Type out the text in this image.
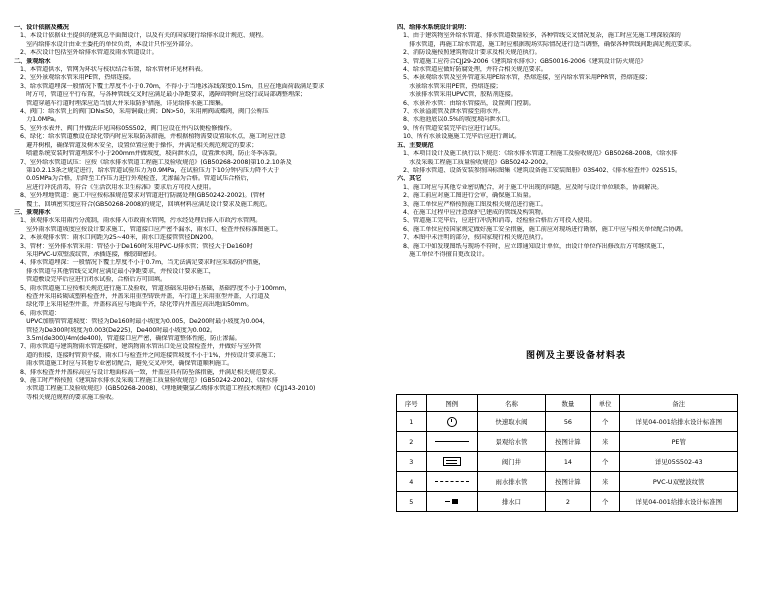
一、设计依据及概况
1、本设计依据业主提供的建筑总平面图设计，以及有关的国家现行给排水设计规范、规程。
　室内给排水设计由业主委托的单位负责，本设计只作室外部分。
2、本次设计包括室外给排水管道及雨水管道设计。
二、景观给水
1、本管道供水，管网为环状与枝状结合布置，给水管材详见材料表。
2、室外景观给水管采用PE管，热熔连接。
3、给水管道埋深一般情况下覆土厚度不小于0.70m，不得小于当地冰冻线深度0.15m，且应在地面荷载满足要求
　时方可，管道应平行布置，与各种管线交叉时应满足最小净距要求，遇障碍物时应绕行或局部调整埋深；
　管道穿越车行道时埋深应适当加大并采取防护措施，详见给排水施工图集。
4、阀门：给水管上的阀门DN≤50，采用铜截止阀；DN>50，采用闸阀或蝶阀，阀门公称压
　力1.0MPa。
5、室外水表井、阀门井做法详见国标05S502，阀门应设在井内以便检修操作。
6、绿化：给水管道敷设在绿化带内时应采取防冻措施，并根据植物需要设置取水点，施工时应注意
　避开树根，确保管道及树木安全，设置位置应便于操作，并满足相关规范规定的要求；
　喷灌系统安装时管道埋深不小于200mm并做坡度，坡向泄水点，设置泄水阀，防止冬季冻裂。
7、室外给水管道试压：应按《给水排水管道工程施工及验收规范》(GB50268-2008)第10.2.10条及
　第10.2.13条之规定进行，给水管道试验压力为0.9MPa，在试验压力下10分钟内压力降不大于
　0.05MPa为合格，后降至工作压力进行外观检查，无渗漏为合格。管道试压合格后，
　应进行冲洗消毒，符合《生活饮用水卫生标准》要求后方可投入使用。
8、室外埋地管道：施工中应按标准规范要求对管道进行防腐处理(GB50242-2002)。(管材
　覆土、回填密实度应符合(GB50268-2008)的规定，回填材料应满足设计要求及施工规范。
三、景观排水
1、景观排水采用雨污分流制，雨水排入市政雨水管网，污水经处理后排入市政污水管网。
　室外雨水管道坡度应按设计要求施工，管道接口应严密不漏水，雨水口、检查井按标准图施工。
2、本景观排水管：雨水口间距为25~40米，雨水口连接管管径DN200。
3、管材：室外排水管采用：管径小于De160时采用PVC-U排水管；管径大于De160时
　采用PVC-U双壁波纹管，承插连接，橡胶圈密封。
4、排水管道埋深：一般情况下覆土厚度不小于0.7m，当无法满足要求时应采取防护措施，
　排水管道与其他管线交叉时应满足最小净距要求，并按设计要求施工，
　管道敷设完毕后应进行闭水试验，合格后方可回填。
5、雨水管道施工应按相关规范进行施工及验收，管道基础采用砂石基础，基础厚度不小于100mm，
　检查井采用砖砌或塑料检查井，井盖采用重型铸铁井盖，车行道上采用重型井盖，人行道及
　绿化带上采用轻型井盖，井盖标高应与地面平齐，绿化带内井盖应高出地面50mm。
6、雨水管道：
　UPVC加筋管管道坡度：管径为De160时最小坡度为0.005，De200时最小坡度为0.004，
　管径为De300时坡度为0.003(De225)，De400时最小坡度为0.002。
　3.5m(de300)/4m(de400)，管道接口应严密，确保管道整体性能，防止渗漏。
7、雨水管道与建筑物雨水管连接时，建筑物雨水管出口处应设置检查井，并做好与室外管
　道的衔接，连接时管顶平接，雨水口与检查井之间连接管坡度不小于1%，并按设计要求施工；
　雨水管道施工时应与其他专业密切配合，避免交叉冲突，确保管道顺利施工。
8、排水检查井井盖标高应与设计地面标高一致，井盖应具有防坠落措施，并满足相关规范要求。
9、施工时严格按照《建筑给水排水及采暖工程施工质量验收规范》(GB50242-2002)、《给水排
　水管道工程施工及验收规范》(GB50268-2008)、《埋地硬聚氯乙烯排水管道工程技术规程》(CJJ143-2010)
　等相关规范规程的要求施工验收。
四、给排水系统设计说明：
1、由于建筑物室外给水管道、排水管道数量较多，各种管线交叉情况复杂，施工时应先施工埋深较深的
　排水管道，再施工给水管道，施工时应根据现场实际情况进行适当调整，确保各种管线间距满足规范要求。
2、消防设施按照建筑物设计要求及相关规范执行。
3、管道施工应符合CJJ29-2006《建筑给水排水》；GB50016-2006《建筑设计防火规范》
4、给水管道应做好防腐处理，并符合相关规范要求。
5、本景观给水管及室外管道采用PE给水管，热熔连接，室内给水管采用PPR管，热熔连接；
　水景给水管采用PE管，热熔连接；
　水景排水管采用UPVC管，胶粘剂连接。
6、水景补水管：由给水管接出，设置阀门控制。
7、水景溢流管及泄水管接至雨水井。
8、水池池底以0.5%的坡度坡向泄水口。
9、所有管道安装完毕后应进行试压。
10、所有水景设施施工完毕后应进行调试。
五、主要规范
1、本项目设计及施工执行以下规范：《给水排水管道工程施工及验收规范》GB50268-2008，《给水排
　水及采暖工程施工质量验收规范》GB50242-2002。
2、给排水管道、设备安装参照国标图集《建筑设备施工安装图册》03S402、《排水检查井》02S515。
六、其它
1、施工时应与其他专业密切配合，对于施工中出现的问题，应及时与设计单位联系，协商解决。
2、施工前应对施工图进行会审，确保施工质量。
3、施工单位应严格按照施工图及相关规范进行施工。
4、在施工过程中应注意保护已建成的管线及构筑物。
5、管道施工完毕后，应进行冲洗和消毒，经检验合格后方可投入使用。
6、施工单位应按国家规定做好施工安全措施，施工前应对现场进行勘察，施工中应与相关单位配合协调。
7、本图中未注明的部分，按国家现行相关规范执行。
8、施工中如发现图纸与现场不符时，应立即通知设计单位，由设计单位作出修改后方可继续施工，
　施工单位不得擅自更改设计。
图例及主要设备材料表
序号	图例	名称	数量	单位	备注
1		快速取水阀	56	个	详见04-001给排水设计标准图
2		景观给水管	按图计算	米	PE管
3		阀门井	14	个	详见05S502-43
4		雨水排水管	按图计算	米	PVC-U双壁波纹管
5		排水口	2	个	详见04-001给排水设计标准图
